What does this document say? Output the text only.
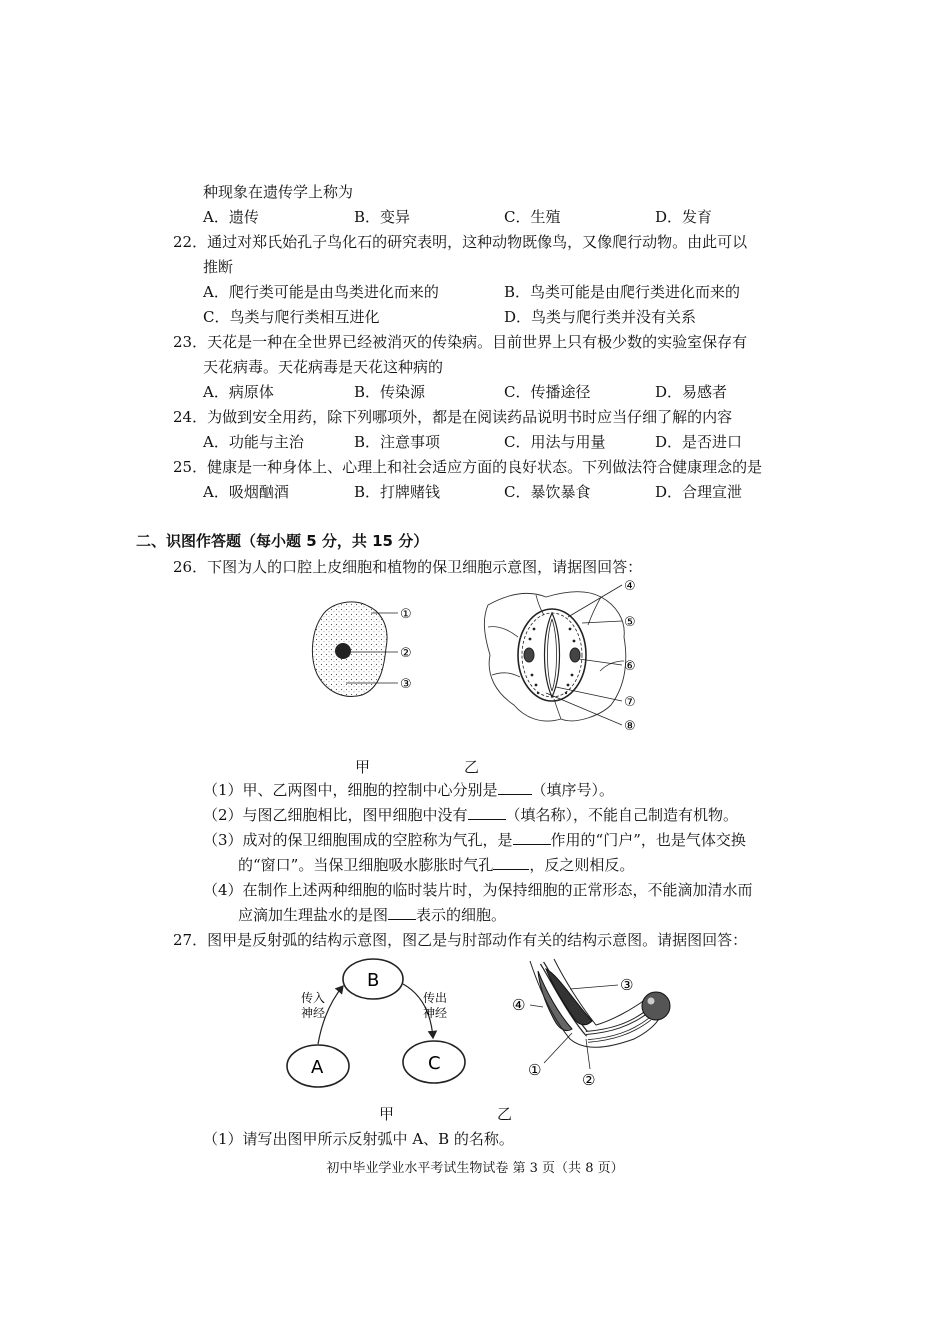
种现象在遗传学上称为
A．遗传	B．变异	C．生殖	D．发育
22．通过对郑氏始孔子鸟化石的研究表明，这种动物既像鸟，又像爬行动物。由此可以
推断
A．爬行类可能是由鸟类进化而来的	B．鸟类可能是由爬行类进化而来的
C．鸟类与爬行类相互进化	D．鸟类与爬行类并没有关系
23．天花是一种在全世界已经被消灭的传染病。目前世界上只有极少数的实验室保存有
天花病毒。天花病毒是天花这种病的
A．病原体	B．传染源	C．传播途径	D．易感者
24．为做到安全用药，除下列哪项外，都是在阅读药品说明书时应当仔细了解的内容
A．功能与主治	B．注意事项	C．用法与用量	D．是否进口
25．健康是一种身体上、心理上和社会适应方面的良好状态。下列做法符合健康理念的是
A．吸烟酗酒	B．打牌赌钱	C．暴饮暴食	D．合理宣泄
二、识图作答题（每小题 5 分，共 15 分）
26．下图为人的口腔上皮细胞和植物的保卫细胞示意图，请据图回答：
①
②
③
④
⑤
⑥
⑦
⑧
甲	乙
（1）甲、乙两图中，细胞的控制中心分别是 （填序号）。
（2）与图乙细胞相比，图甲细胞中没有	（填名称），不能自己制造有机物。
（3）成对的保卫细胞围成的空腔称为气孔，是	作用的“门户”，也是气体交换
的“窗口”。当保卫细胞吸水膨胀时气孔 ，反之则相反。
（4）在制作上述两种细胞的临时装片时，为保持细胞的正常形态，不能滴加清水而
应滴加生理盐水的是图 表示的细胞。
27．图甲是反射弧的结构示意图，图乙是与肘部动作有关的结构示意图。请据图回答：
B
A	C
传入
神经
传出
神经
③
④
①
②
甲	乙
（1）请写出图甲所示反射弧中 A、B 的名称。
初中毕业学业水平考试生物试卷 第 3 页（共 8 页）
